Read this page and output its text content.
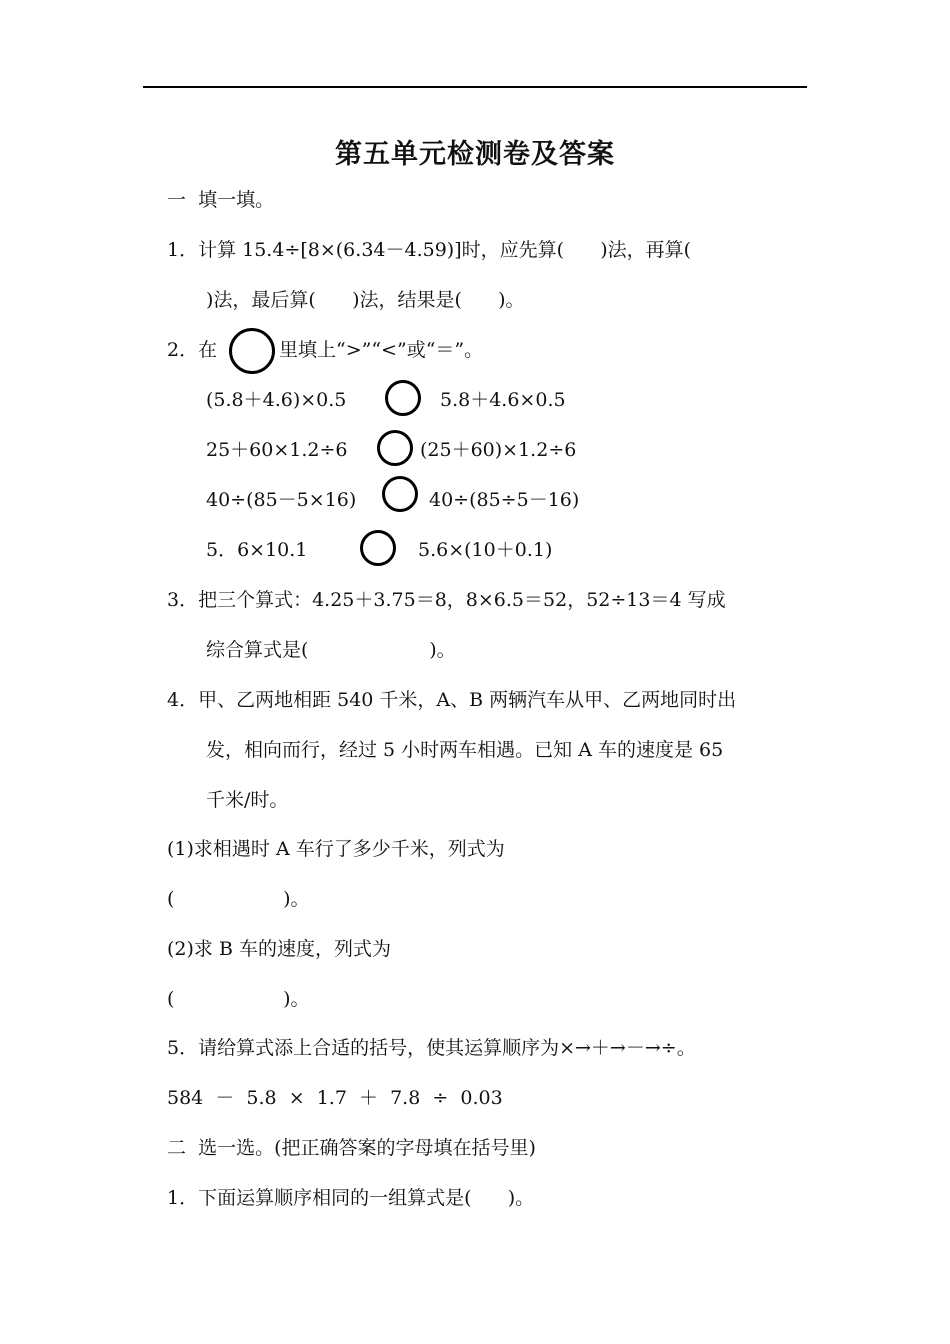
第五单元检测卷及答案
一  填一填。
1．计算 15.4÷[8×(6.34－4.59)]时，应先算(      )法，再算(
)法，最后算(      )法，结果是(      )。
2．在	里填上“>”“<”或“＝”。
(5.8＋4.6)×0.5	5.8＋4.6×0.5
25＋60×1.2÷6	(25＋60)×1.2÷6
40÷(85－5×16)	40÷(85÷5－16)
5．6×10.1	5.6×(10＋0.1)
3．把三个算式：4.25＋3.75＝8，8×6.5＝52，52÷13＝4 写成
综合算式是(                    )。
4．甲、乙两地相距 540 千米，A、B 两辆汽车从甲、乙两地同时出
发，相向而行，经过 5 小时两车相遇。已知 A 车的速度是 65
千米/时。
(1)求相遇时 A 车行了多少千米，列式为
(                  )。
(2)求 B 车的速度，列式为
(                  )。
5．请给算式添上合适的括号，使其运算顺序为×→＋→－→÷。
584  －  5.8  ×  1.7  ＋  7.8  ÷  0.03
二  选一选。(把正确答案的字母填在括号里)
1．下面运算顺序相同的一组算式是(      )。
